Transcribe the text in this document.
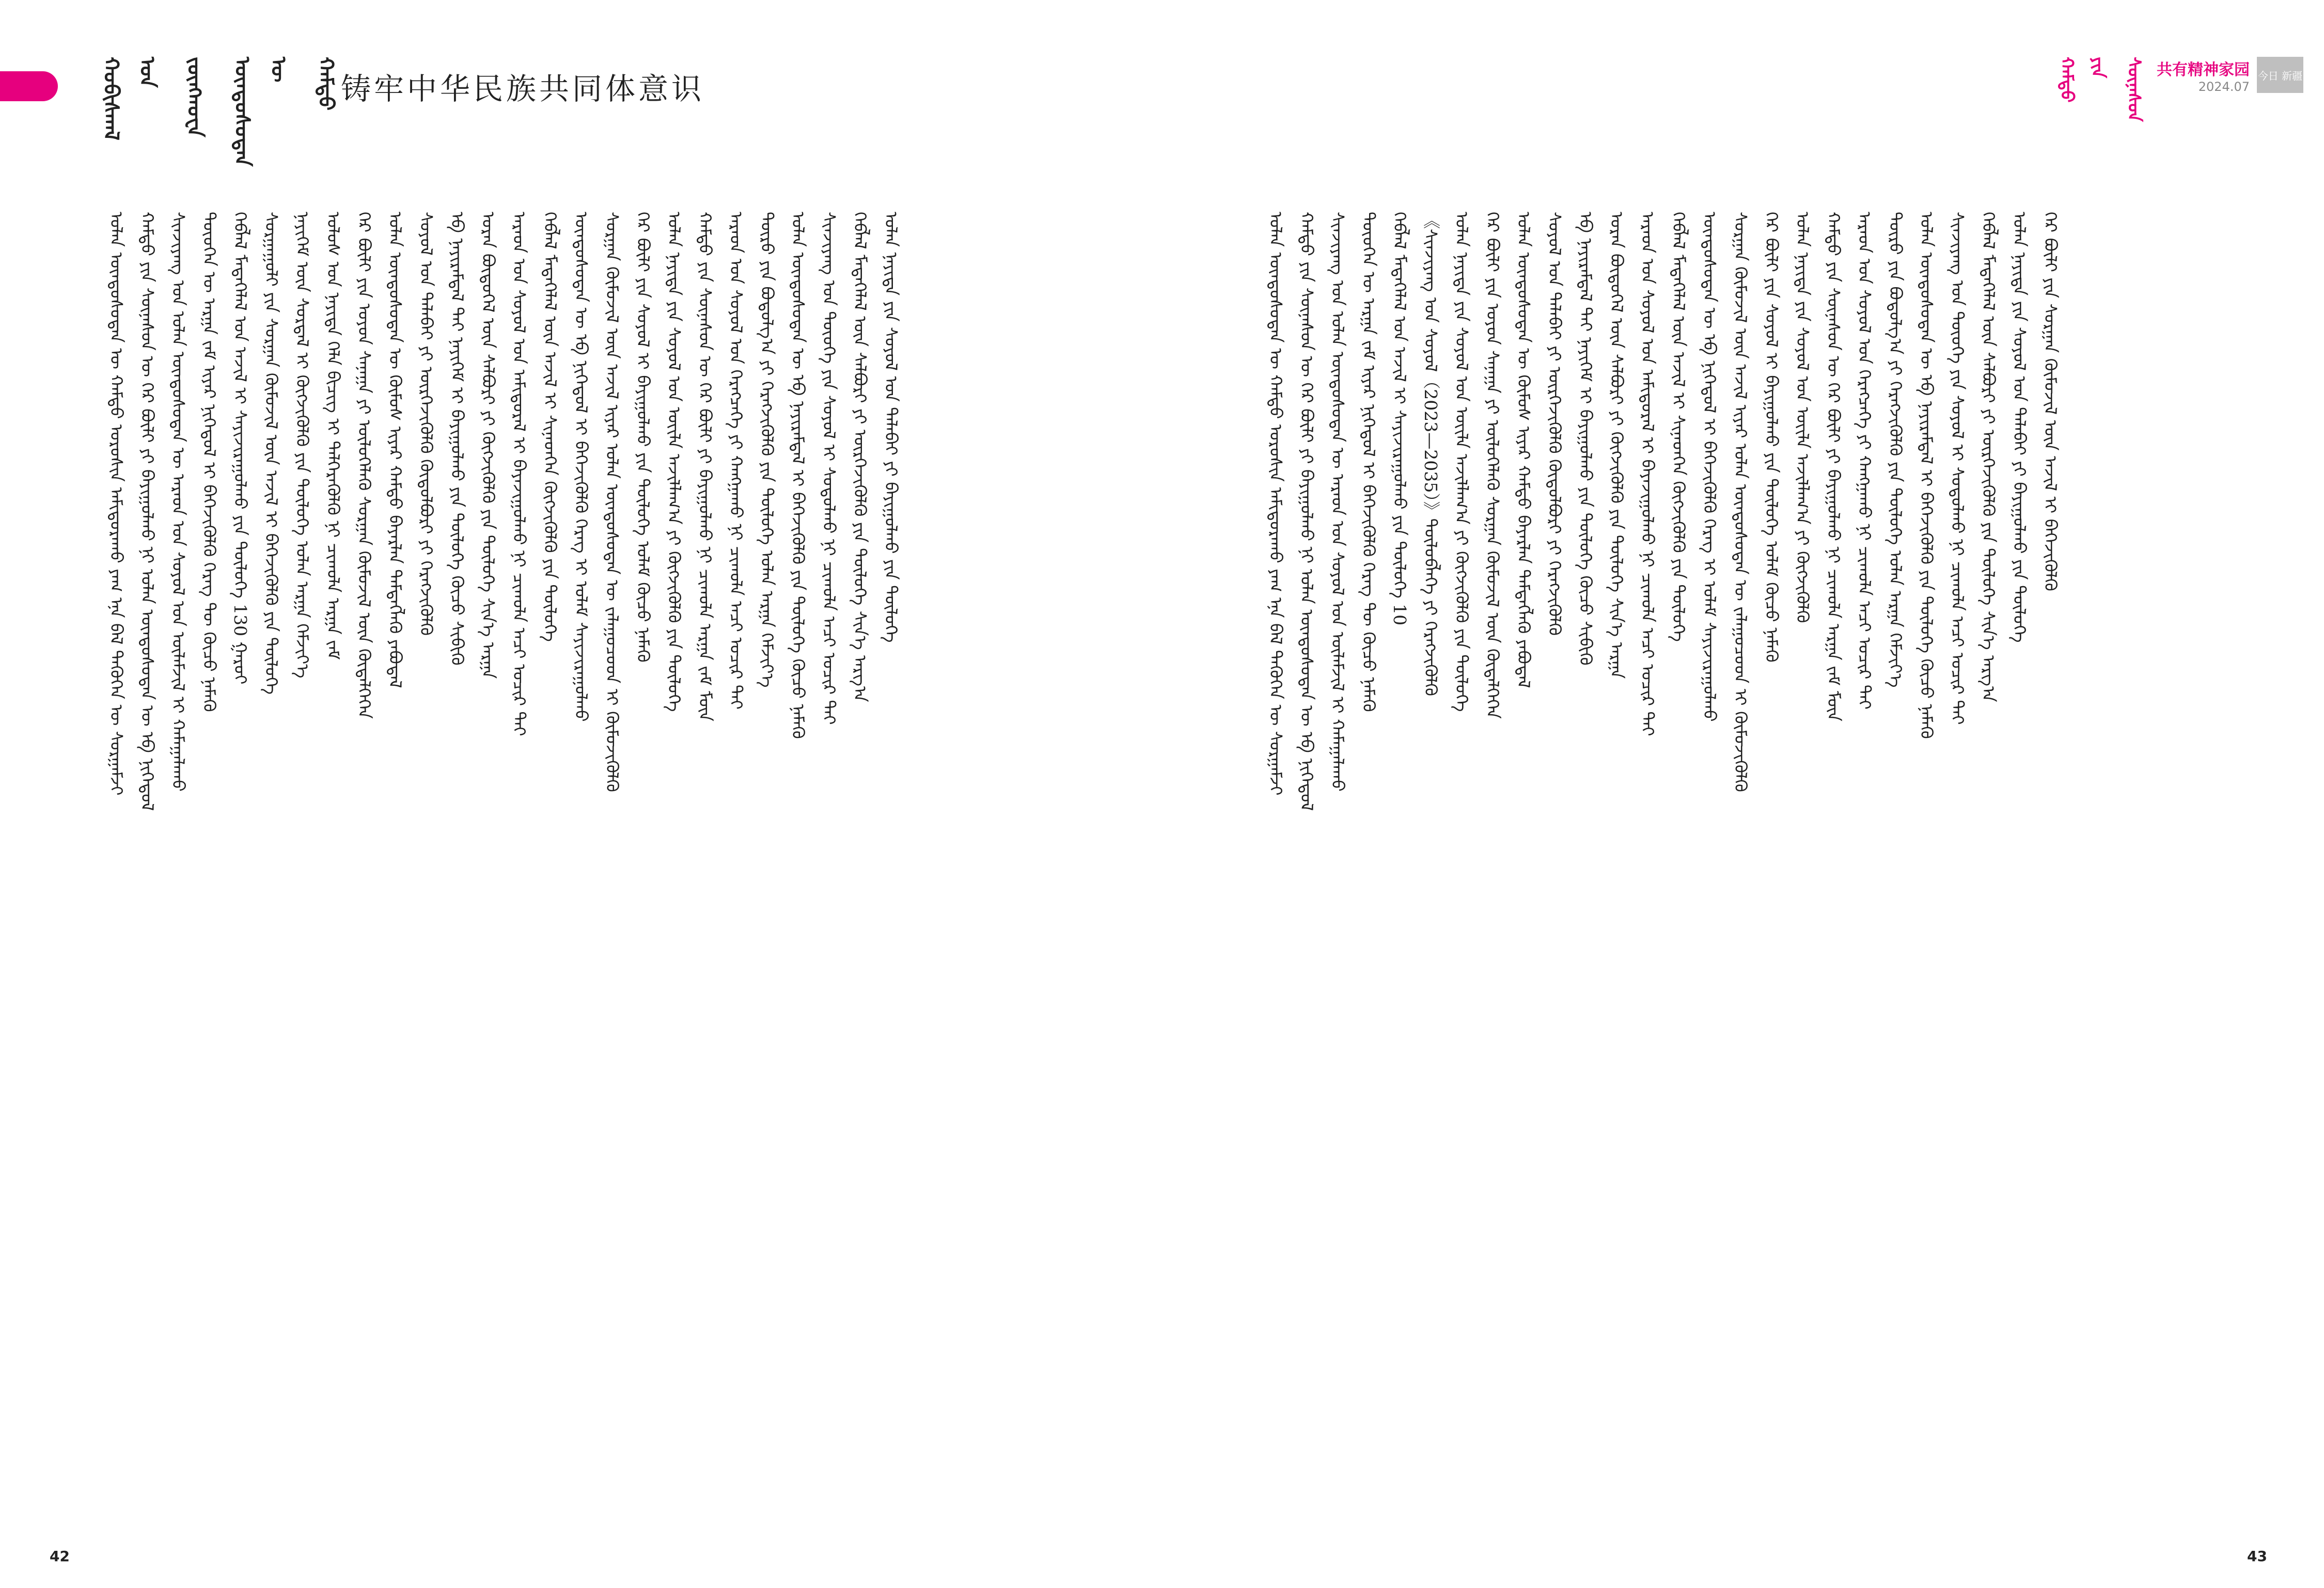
ᠬᠤᠪᠢᠰᠬᠠᠯ ᠤᠨ	ᠵᠦᠩᠬᠤᠸᠠ	ᠦᠨᠳᠦᠰᠦᠲᠡᠨ ᠦ	ᠬᠠᠮᠲᠤ 铸牢中华民族共同体意识	ᠬᠠᠮᠲᠤ ᠶᠢᠨ ᠰᠦᠨᠡᠰᠦᠨ 共有精神家园
2024.07
今日 新疆
ᠣᠯᠠᠨ ᠦᠨᠳᠦᠰᠦᠲᠡᠨ ᠦ ᠬᠠᠮᠲᠤ ᠣᠷᠣᠰᠢᠨ ᠠᠮᠢᠳᠤᠷᠠᠬᠤ ᠶᠠᠭ ᠡᠨᠡ ᠪᠠᠯ ᠲᠡᠭᠦᠬᠡᠨ ᠦ ᠰᠤᠷᠭᠠᠮᠵᠢ ᠬᠠᠮᠲᠤ ᠶᠢᠨ ᠰᠦᠨᠡᠰᠦᠨ ᠦ ᠭᠡᠷ ᠪᠦᠯᠢ ᠶᠢ ᠪᠠᠶᠢᠭᠤᠯᠬᠤ ᠨᠢ ᠣᠯᠠᠨ ᠦᠨᠳᠦᠰᠦᠲᠡᠨ ᠦ ᠡᠪ ᠨᠢᠭᠡᠳᠦᠯ ᠰᠢᠨᠵᠢᠶᠠᠩ ᠤᠨ ᠣᠯᠠᠨ ᠦᠨᠳᠦᠰᠦᠲᠡᠨ ᠦ ᠠᠷᠠᠳ ᠤᠨ ᠰᠤᠶᠤᠯ ᠤᠨ ᠦᠯᠡᠮᠵᠢᠯ ᠢ ᠬᠠᠮᠠᠭᠠᠯᠠᠬᠤ ᠲᠦᠦᠬᠡᠨ ᠦ ᠠᠷᠭᠠ ᠵᠠᠮ ᠢᠶᠠᠷ ᠨᠢᠭᠡᠳᠦᠯ ᠢ ᠪᠡᠬᠡᠵᠢᠭᠦᠯᠬᠦ ᠬᠡᠷᠡᠭ ᠲᠦ ᠬᠦᠴᠦ ᠨᠡᠮᠡᠬᠦ ᠬᠡᠪᠯᠡᠯ ᠮᠡᠳᠡᠭᠡᠯᠡᠯ ᠤᠨ ᠠᠵᠢᠯ ᠢ ᠰᠠᠶᠢᠵᠢᠷᠠᠭᠤᠯᠬᠤ ᠶᠢᠨ ᠲᠥᠯᠥᠭᠡ 130 ᠭᠠᠷᠤᠢ ᠰᠤᠷᠭᠠᠭᠤᠯᠢ ᠶᠢᠨ ᠰᠤᠷᠭᠠᠨ ᠬᠦᠮᠦᠵᠢᠯ ᠦᠨ ᠠᠵᠢᠯ ᠢ ᠪᠡᠬᠡᠵᠢᠭᠦᠯᠬᠦ ᠶᠢᠨ ᠲᠥᠯᠥᠭᠡ ᠨᠡᠶᠢᠭᠡᠮ ᠦᠨ ᠰᠤᠷᠲᠠᠯ ᠢ ᠬᠥᠭᠵᠢᠭᠦᠯᠬᠦ ᠶᠢᠨ ᠲᠥᠯᠥᠭᠡ ᠣᠯᠠᠨ ᠠᠷᠭᠠ ᠬᠡᠮᠵᠢᠶ᠎ᠡ ᠤᠯᠤᠰ ᠤᠨ ᠨᠡᠶᠢᠲᠡ ᠬᠡᠯᠡ ᠪᠢᠴᠢᠭ ᠢ ᠳᠡᠯᠭᠡᠷᠡᠭᠦᠯᠬᠦ ᠨᠢ ᠴᠢᠬᠤᠯᠠ ᠠᠷᠭᠠ ᠵᠠᠮ ᠭᠡᠷ ᠪᠦᠯᠢ ᠶᠢᠨ ᠣᠶᠤᠨ ᠰᠠᠨᠠᠭᠠ ᠶᠢ ᠥᠯᠦᠭᠡᠯᠡᠬᠦ ᠰᠤᠷᠭᠠᠨ ᠬᠦᠮᠦᠵᠢᠯ ᠦᠨ ᠬᠥᠳᠡᠯᠭᠡᠭᠡᠨ ᠣᠯᠠᠨ ᠦᠨᠳᠦᠰᠦᠲᠡᠨ ᠦ ᠬᠦᠮᠦᠰ ᠢᠶᠠᠷ ᠬᠠᠮᠲᠤ ᠪᠠᠶᠠᠷᠯᠠᠨ ᠲᠡᠮᠳᠡᠭᠯᠡᠬᠦ ᠶᠠᠪᠤᠳᠠᠯ ᠰᠣᠶᠤᠯ ᠤᠨ ᠲᠠᠯᠠᠪᠠᠢ ᠶᠢ ᠦᠷᠭᠡᠵᠢᠭᠦᠯᠬᠦ ᠬᠥᠲᠦᠯᠪᠦᠷᠢ ᠶᠢ ᠬᠡᠷᠡᠭᠵᠢᠭᠦᠯᠬᠦ ᠡᠪ ᠨᠠᠶᠢᠷᠠᠮᠳᠠᠯ ᠲᠠᠢ ᠨᠡᠶᠢᠭᠡᠮ ᠢ ᠪᠠᠶᠢᠭᠤᠯᠬᠤ ᠶᠢᠨ ᠲᠥᠯᠥᠭᠡ ᠬᠦᠴᠦ ᠰᠢᠪᠢᠬᠦ ᠤᠷᠠᠨ ᠪᠦᠲᠦᠭᠡᠯ ᠦᠨ ᠰᠠᠯᠪᠤᠷᠢ ᠶᠢ ᠬᠥᠭᠵᠢᠭᠦᠯᠬᠦ ᠶᠢᠨ ᠲᠥᠯᠥᠭᠡ ᠰᠢᠨ᠎ᠡ ᠠᠷᠭᠠ ᠠᠷᠠᠳ ᠤᠨ ᠰᠣᠶᠤᠯ ᠤᠨ ᠠᠮᠢᠳᠤᠷᠠᠯ ᠢ ᠪᠠᠶᠠᠵᠢᠭᠤᠯᠬᠤ ᠨᠢ ᠴᠢᠬᠤᠯᠠ ᠠᠴᠢ ᠤᠴᠢᠷ ᠲᠠᠢ ᠬᠡᠪᠯᠡᠯ ᠮᠡᠳᠡᠭᠡᠯᠡᠯ ᠦᠨ ᠠᠵᠢᠯ ᠢ ᠰᠢᠨᠡᠳᠬᠡᠨ ᠬᠥᠭᠵᠢᠭᠦᠯᠬᠦ ᠶᠢᠨ ᠲᠥᠯᠥᠭᠡ ᠦᠨᠳᠦᠰᠦᠲᠡᠨ ᠦ ᠡᠪ ᠨᠢᠭᠡᠳᠦᠯ ᠢ ᠪᠡᠬᠡᠵᠢᠭᠦᠯᠬᠦ ᠬᠡᠷᠡᠭ ᠢ ᠤᠯᠠᠮ ᠰᠠᠶᠢᠵᠢᠷᠠᠭᠤᠯᠬᠤ ᠰᠤᠷᠭᠠᠨ ᠬᠦᠮᠦᠵᠢᠯ ᠦᠨ ᠠᠵᠢᠯ ᠢᠶᠠᠷ ᠣᠯᠠᠨ ᠦᠨᠳᠦᠰᠦᠲᠡᠨ ᠦ ᠵᠠᠯᠠᠭᠤᠴᠤᠳ ᠢ ᠬᠦᠮᠦᠵᠢᠭᠦᠯᠬᠦ ᠭᠡᠷ ᠪᠦᠯᠢ ᠶᠢᠨ ᠰᠣᠶᠤᠯ ᠢ ᠪᠠᠶᠢᠭᠤᠯᠬᠤ ᠶᠢᠨ ᠲᠥᠯᠥᠭᠡ ᠤᠯᠠᠮ ᠬᠦᠴᠦ ᠨᠡᠮᠡᠬᠦ ᠣᠯᠠᠨ ᠨᠡᠶᠢᠲᠡ ᠶᠢᠨ ᠰᠣᠶᠤᠯ ᠤᠨ ᠦᠢᠯᠡ ᠠᠵᠢᠯᠯᠠᠭ᠎ᠠ ᠶᠢ ᠬᠥᠭᠵᠢᠭᠦᠯᠬᠦ ᠶᠢᠨ ᠲᠥᠯᠥᠭᠡ ᠬᠠᠮᠲᠤ ᠶᠢᠨ ᠰᠦᠨᠡᠰᠦᠨ ᠦ ᠭᠡᠷ ᠪᠦᠯᠢ ᠶᠢ ᠪᠠᠶᠢᠭᠤᠯᠬᠤ ᠨᠢ ᠴᠢᠬᠤᠯᠠ ᠠᠷᠭᠠ ᠵᠠᠮ ᠮᠥᠨ ᠠᠷᠠᠳ ᠤᠨ ᠰᠤᠶᠤᠯ ᠤᠨ ᠬᠡᠷᠡᠭᠴᠡᠭᠡ ᠶᠢ ᠬᠠᠩᠭᠠᠬᠤ ᠨᠢ ᠴᠢᠬᠤᠯᠠ ᠠᠴᠢ ᠤᠴᠢᠷ ᠲᠠᠢ ᠲᠥᠷᠥ ᠶᠢᠨ ᠪᠣᠳᠣᠯᠭ᠎ᠠ ᠶᠢ ᠬᠡᠷᠡᠭᠵᠢᠭᠦᠯᠬᠦ ᠶᠢᠨ ᠲᠥᠯᠥᠭᠡ ᠣᠯᠠᠨ ᠠᠷᠭᠠ ᠬᠡᠮᠵᠢᠶ᠎ᠡ ᠣᠯᠠᠨ ᠦᠨᠳᠦᠰᠦᠲᠡᠨ ᠦ ᠡᠪ ᠨᠠᠶᠢᠷᠠᠮᠳᠠᠯ ᠢ ᠪᠡᠬᠡᠵᠢᠭᠦᠯᠬᠦ ᠶᠢᠨ ᠲᠥᠯᠥᠭᠡ ᠬᠦᠴᠦ ᠨᠡᠮᠡᠬᠦ ᠰᠢᠨᠵᠢᠶᠠᠩ ᠤᠨ ᠲᠦᠦᠬᠡ ᠶᠢᠨ ᠰᠣᠶᠤᠯ ᠢ ᠰᠤᠳᠤᠯᠬᠤ ᠨᠢ ᠴᠢᠬᠤᠯᠠ ᠠᠴᠢ ᠤᠴᠢᠷ ᠲᠠᠢ ᠬᠡᠪᠯᠡᠯ ᠮᠡᠳᠡᠭᠡᠯᠡᠯ ᠦᠨ ᠰᠠᠯᠪᠤᠷᠢ ᠶᠢ ᠥᠷᠭᠡᠵᠢᠭᠦᠯᠬᠦ ᠶᠢᠨ ᠲᠥᠯᠥᠭᠡ ᠰᠢᠨ᠎ᠡ ᠠᠷᠭ᠎ᠠ ᠣᠯᠠᠨ ᠨᠡᠶᠢᠲᠡ ᠶᠢᠨ ᠰᠣᠶᠤᠯ ᠤᠨ ᠲᠠᠯᠠᠪᠠᠢ ᠶᠢ ᠪᠠᠶᠢᠭᠤᠯᠬᠤ ᠶᠢᠨ ᠲᠥᠯᠥᠭᠡ	ᠣᠯᠠᠨ ᠦᠨᠳᠦᠰᠦᠲᠡᠨ ᠦ ᠬᠠᠮᠲᠤ ᠣᠷᠣᠰᠢᠨ ᠠᠮᠢᠳᠤᠷᠠᠬᠤ ᠶᠠᠭ ᠡᠨᠡ ᠪᠠᠯ ᠲᠡᠭᠦᠬᠡᠨ ᠦ ᠰᠤᠷᠭᠠᠮᠵᠢ ᠬᠠᠮᠲᠤ ᠶᠢᠨ ᠰᠦᠨᠡᠰᠦᠨ ᠦ ᠭᠡᠷ ᠪᠦᠯᠢ ᠶᠢ ᠪᠠᠶᠢᠭᠤᠯᠬᠤ ᠨᠢ ᠣᠯᠠᠨ ᠦᠨᠳᠦᠰᠦᠲᠡᠨ ᠦ ᠡᠪ ᠨᠢᠭᠡᠳᠦᠯ ᠰᠢᠨᠵᠢᠶᠠᠩ ᠤᠨ ᠣᠯᠠᠨ ᠦᠨᠳᠦᠰᠦᠲᠡᠨ ᠦ ᠠᠷᠠᠳ ᠤᠨ ᠰᠤᠶᠤᠯ ᠤᠨ ᠦᠯᠡᠮᠵᠢᠯ ᠢ ᠬᠠᠮᠠᠭᠠᠯᠠᠬᠤ ᠲᠦᠦᠬᠡᠨ ᠦ ᠠᠷᠭᠠ ᠵᠠᠮ ᠢᠶᠠᠷ ᠨᠢᠭᠡᠳᠦᠯ ᠢ ᠪᠡᠬᠡᠵᠢᠭᠦᠯᠬᠦ ᠬᠡᠷᠡᠭ ᠲᠦ ᠬᠦᠴᠦ ᠨᠡᠮᠡᠬᠦ ᠬᠡᠪᠯᠡᠯ ᠮᠡᠳᠡᠭᠡᠯᠡᠯ ᠤᠨ ᠠᠵᠢᠯ ᠢ ᠰᠠᠶᠢᠵᠢᠷᠠᠭᠤᠯᠬᠤ ᠶᠢᠨ ᠲᠥᠯᠥᠭᠡ 10 《ᠰᠢᠨᠵᠢᠶᠠᠩ ᠤᠨ ᠰᠣᠶᠤᠯ（2023—2035）》ᠲᠥᠯᠥᠪᠯᠡᠭᠡ ᠶᠢ ᠬᠡᠷᠡᠭᠵᠢᠭᠦᠯᠬᠦ ᠣᠯᠠᠨ ᠨᠡᠶᠢᠲᠡ ᠶᠢᠨ ᠰᠣᠶᠤᠯ ᠤᠨ ᠦᠢᠯᠡ ᠠᠵᠢᠯᠯᠠᠭ᠎ᠠ ᠶᠢ ᠬᠥᠭᠵᠢᠭᠦᠯᠬᠦ ᠶᠢᠨ ᠲᠥᠯᠥᠭᠡ ᠭᠡᠷ ᠪᠦᠯᠢ ᠶᠢᠨ ᠣᠶᠤᠨ ᠰᠠᠨᠠᠭᠠ ᠶᠢ ᠥᠯᠦᠭᠡᠯᠡᠬᠦ ᠰᠤᠷᠭᠠᠨ ᠬᠦᠮᠦᠵᠢᠯ ᠦᠨ ᠬᠥᠳᠡᠯᠭᠡᠭᠡᠨ ᠣᠯᠠᠨ ᠦᠨᠳᠦᠰᠦᠲᠡᠨ ᠦ ᠬᠦᠮᠦᠰ ᠢᠶᠠᠷ ᠬᠠᠮᠲᠤ ᠪᠠᠶᠠᠷᠯᠠᠨ ᠲᠡᠮᠳᠡᠭᠯᠡᠬᠦ ᠶᠠᠪᠤᠳᠠᠯ ᠰᠣᠶᠤᠯ ᠤᠨ ᠲᠠᠯᠠᠪᠠᠢ ᠶᠢ ᠦᠷᠭᠡᠵᠢᠭᠦᠯᠬᠦ ᠬᠥᠲᠦᠯᠪᠦᠷᠢ ᠶᠢ ᠬᠡᠷᠡᠭᠵᠢᠭᠦᠯᠬᠦ ᠡᠪ ᠨᠠᠶᠢᠷᠠᠮᠳᠠᠯ ᠲᠠᠢ ᠨᠡᠶᠢᠭᠡᠮ ᠢ ᠪᠠᠶᠢᠭᠤᠯᠬᠤ ᠶᠢᠨ ᠲᠥᠯᠥᠭᠡ ᠬᠦᠴᠦ ᠰᠢᠪᠢᠬᠦ ᠤᠷᠠᠨ ᠪᠦᠲᠦᠭᠡᠯ ᠦᠨ ᠰᠠᠯᠪᠤᠷᠢ ᠶᠢ ᠬᠥᠭᠵᠢᠭᠦᠯᠬᠦ ᠶᠢᠨ ᠲᠥᠯᠥᠭᠡ ᠰᠢᠨ᠎ᠡ ᠠᠷᠭᠠ ᠠᠷᠠᠳ ᠤᠨ ᠰᠣᠶᠤᠯ ᠤᠨ ᠠᠮᠢᠳᠤᠷᠠᠯ ᠢ ᠪᠠᠶᠠᠵᠢᠭᠤᠯᠬᠤ ᠨᠢ ᠴᠢᠬᠤᠯᠠ ᠠᠴᠢ ᠤᠴᠢᠷ ᠲᠠᠢ ᠬᠡᠪᠯᠡᠯ ᠮᠡᠳᠡᠭᠡᠯᠡᠯ ᠦᠨ ᠠᠵᠢᠯ ᠢ ᠰᠢᠨᠡᠳᠬᠡᠨ ᠬᠥᠭᠵᠢᠭᠦᠯᠬᠦ ᠶᠢᠨ ᠲᠥᠯᠥᠭᠡ ᠦᠨᠳᠦᠰᠦᠲᠡᠨ ᠦ ᠡᠪ ᠨᠢᠭᠡᠳᠦᠯ ᠢ ᠪᠡᠬᠡᠵᠢᠭᠦᠯᠬᠦ ᠬᠡᠷᠡᠭ ᠢ ᠤᠯᠠᠮ ᠰᠠᠶᠢᠵᠢᠷᠠᠭᠤᠯᠬᠤ ᠰᠤᠷᠭᠠᠨ ᠬᠦᠮᠦᠵᠢᠯ ᠦᠨ ᠠᠵᠢᠯ ᠢᠶᠠᠷ ᠣᠯᠠᠨ ᠦᠨᠳᠦᠰᠦᠲᠡᠨ ᠦ ᠵᠠᠯᠠᠭᠤᠴᠤᠳ ᠢ ᠬᠦᠮᠦᠵᠢᠭᠦᠯᠬᠦ ᠭᠡᠷ ᠪᠦᠯᠢ ᠶᠢᠨ ᠰᠣᠶᠤᠯ ᠢ ᠪᠠᠶᠢᠭᠤᠯᠬᠤ ᠶᠢᠨ ᠲᠥᠯᠥᠭᠡ ᠤᠯᠠᠮ ᠬᠦᠴᠦ ᠨᠡᠮᠡᠬᠦ ᠣᠯᠠᠨ ᠨᠡᠶᠢᠲᠡ ᠶᠢᠨ ᠰᠣᠶᠤᠯ ᠤᠨ ᠦᠢᠯᠡ ᠠᠵᠢᠯᠯᠠᠭ᠎ᠠ ᠶᠢ ᠬᠥᠭᠵᠢᠭᠦᠯᠬᠦ ᠬᠠᠮᠲᠤ ᠶᠢᠨ ᠰᠦᠨᠡᠰᠦᠨ ᠦ ᠭᠡᠷ ᠪᠦᠯᠢ ᠶᠢ ᠪᠠᠶᠢᠭᠤᠯᠬᠤ ᠨᠢ ᠴᠢᠬᠤᠯᠠ ᠠᠷᠭᠠ ᠵᠠᠮ ᠮᠥᠨ ᠠᠷᠠᠳ ᠤᠨ ᠰᠤᠶᠤᠯ ᠤᠨ ᠬᠡᠷᠡᠭᠴᠡᠭᠡ ᠶᠢ ᠬᠠᠩᠭᠠᠬᠤ ᠨᠢ ᠴᠢᠬᠤᠯᠠ ᠠᠴᠢ ᠤᠴᠢᠷ ᠲᠠᠢ ᠲᠥᠷᠥ ᠶᠢᠨ ᠪᠣᠳᠣᠯᠭ᠎ᠠ ᠶᠢ ᠬᠡᠷᠡᠭᠵᠢᠭᠦᠯᠬᠦ ᠶᠢᠨ ᠲᠥᠯᠥᠭᠡ ᠣᠯᠠᠨ ᠠᠷᠭᠠ ᠬᠡᠮᠵᠢᠶ᠎ᠡ ᠣᠯᠠᠨ ᠦᠨᠳᠦᠰᠦᠲᠡᠨ ᠦ ᠡᠪ ᠨᠠᠶᠢᠷᠠᠮᠳᠠᠯ ᠢ ᠪᠡᠬᠡᠵᠢᠭᠦᠯᠬᠦ ᠶᠢᠨ ᠲᠥᠯᠥᠭᠡ ᠬᠦᠴᠦ ᠨᠡᠮᠡᠬᠦ ᠰᠢᠨᠵᠢᠶᠠᠩ ᠤᠨ ᠲᠦᠦᠬᠡ ᠶᠢᠨ ᠰᠣᠶᠤᠯ ᠢ ᠰᠤᠳᠤᠯᠬᠤ ᠨᠢ ᠴᠢᠬᠤᠯᠠ ᠠᠴᠢ ᠤᠴᠢᠷ ᠲᠠᠢ ᠬᠡᠪᠯᠡᠯ ᠮᠡᠳᠡᠭᠡᠯᠡᠯ ᠦᠨ ᠰᠠᠯᠪᠤᠷᠢ ᠶᠢ ᠥᠷᠭᠡᠵᠢᠭᠦᠯᠬᠦ ᠶᠢᠨ ᠲᠥᠯᠥᠭᠡ ᠰᠢᠨ᠎ᠡ ᠠᠷᠭ᠎ᠠ ᠣᠯᠠᠨ ᠨᠡᠶᠢᠲᠡ ᠶᠢᠨ ᠰᠣᠶᠤᠯ ᠤᠨ ᠲᠠᠯᠠᠪᠠᠢ ᠶᠢ ᠪᠠᠶᠢᠭᠤᠯᠬᠤ ᠶᠢᠨ ᠲᠥᠯᠥᠭᠡ ᠭᠡᠷ ᠪᠦᠯᠢ ᠶᠢᠨ ᠰᠤᠷᠭᠠᠨ ᠬᠦᠮᠦᠵᠢᠯ ᠦᠨ ᠠᠵᠢᠯ ᠢ ᠪᠡᠬᠡᠵᠢᠭᠦᠯᠬᠦ
42	43
